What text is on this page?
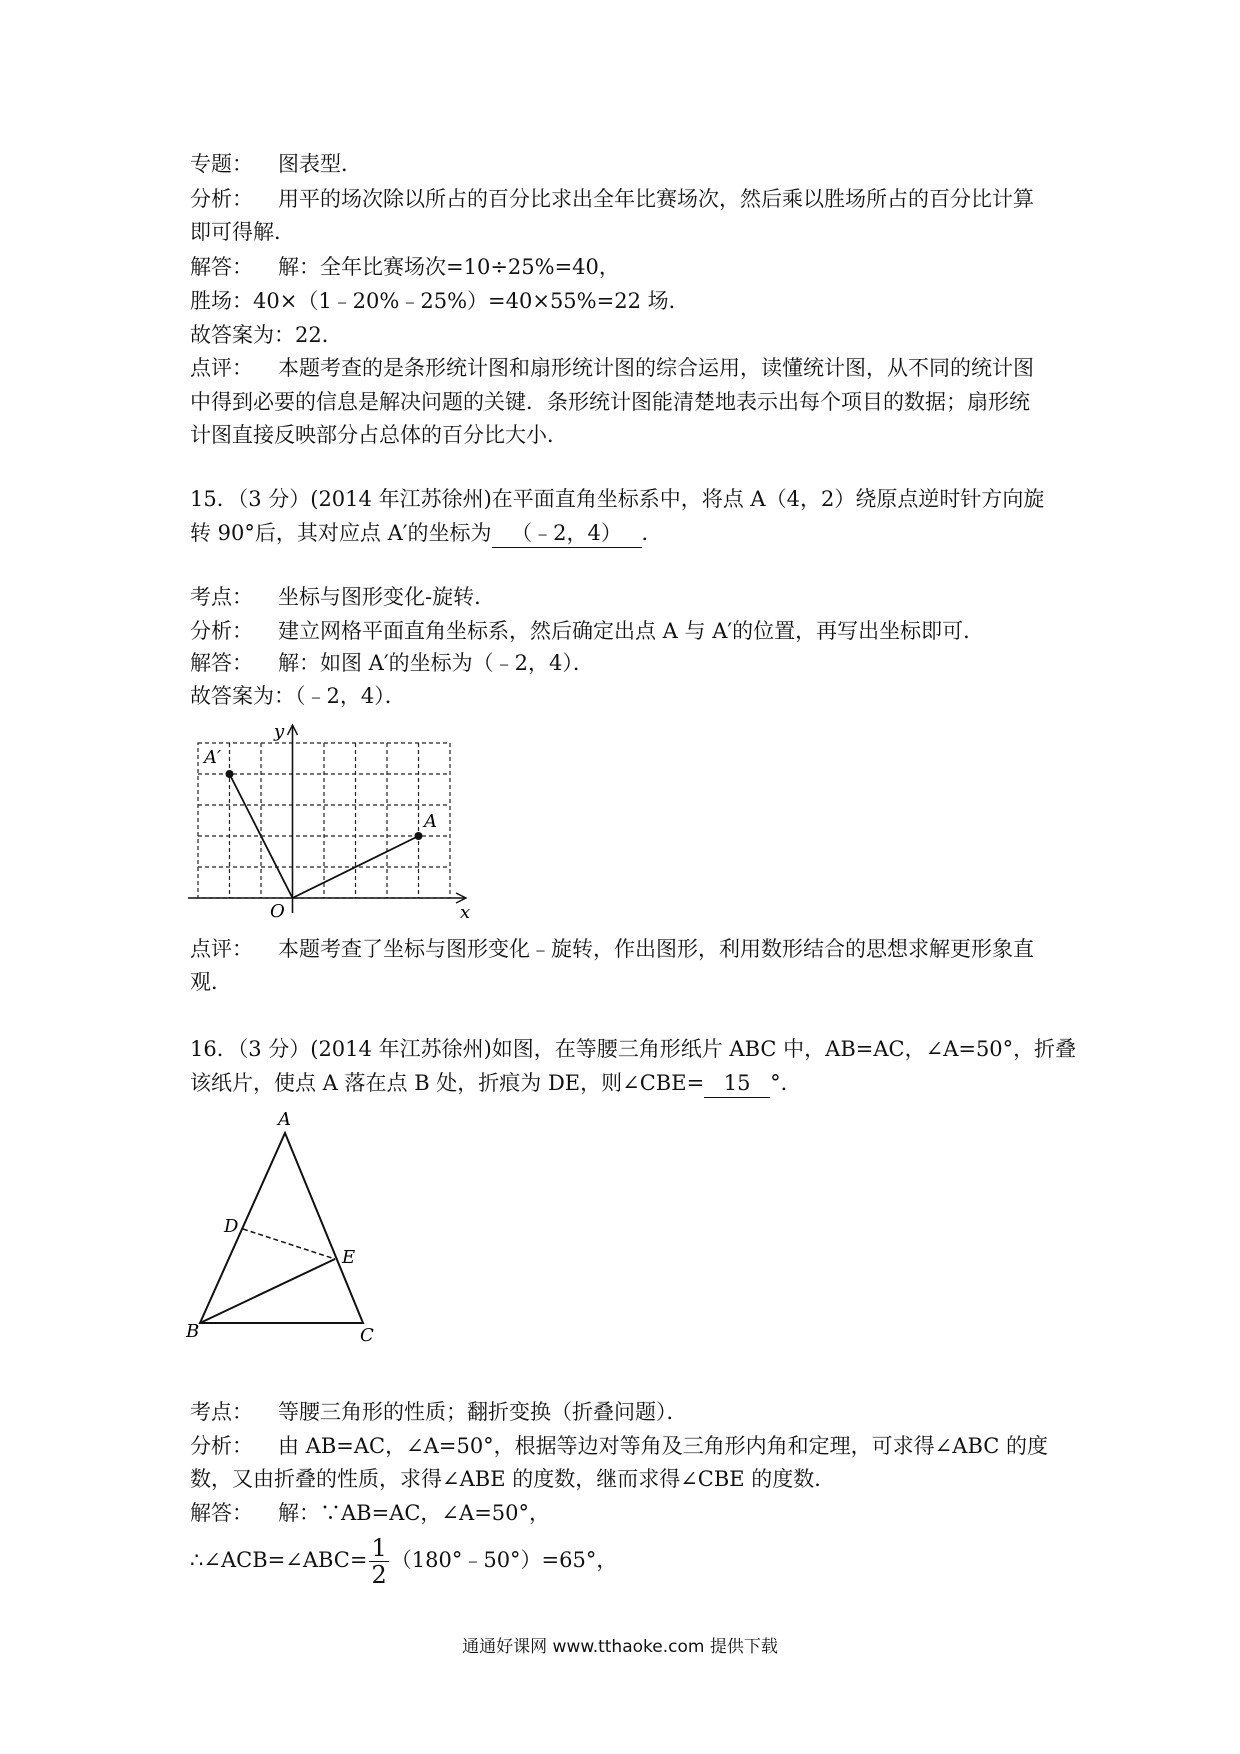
专题： 图表型．
分析： 用平的场次除以所占的百分比求出全年比赛场次，然后乘以胜场所占的百分比计算
即可得解．
解答： 解：全年比赛场次=10÷25%=40，
胜场：40×（1﹣20%﹣25%）=40×55%=22 场．
故答案为：22．
点评： 本题考查的是条形统计图和扇形统计图的综合运用，读懂统计图，从不同的统计图
中得到必要的信息是解决问题的关键．条形统计图能清楚地表示出每个项目的数据；扇形统
计图直接反映部分占总体的百分比大小．
15．（3 分）(2014 年江苏徐州)在平面直角坐标系中，将点 A（4，2）绕原点逆时针方向旋
转 90°后，其对应点 A′的坐标为 （﹣2，4） ．
考点： 坐标与图形变化-旋转．
分析： 建立网格平面直角坐标系，然后确定出点 A 与 A′的位置，再写出坐标即可．
解答： 解：如图 A′的坐标为（﹣2，4）．
故答案为：（﹣2，4）．
y
x
O
A
A′
点评： 本题考查了坐标与图形变化﹣旋转，作出图形，利用数形结合的思想求解更形象直
观．
16．（3 分）(2014 年江苏徐州)如图，在等腰三角形纸片 ABC 中，AB=AC，∠A=50°，折叠
该纸片，使点 A 落在点 B 处，折痕为 DE，则∠CBE= 15 °．
A
D
E
B	C
考点： 等腰三角形的性质；翻折变换（折叠问题）．
分析： 由 AB=AC，∠A=50°，根据等边对等角及三角形内角和定理，可求得∠ABC 的度
数，又由折叠的性质，求得∠ABE 的度数，继而求得∠CBE 的度数．
解答： 解：∵AB=AC，∠A=50°，
∴∠ACB=∠ABC= $\frac{1}{2}$ （180°﹣50°）=65°，
通通好课网 www.tthaoke.com 提供下载
